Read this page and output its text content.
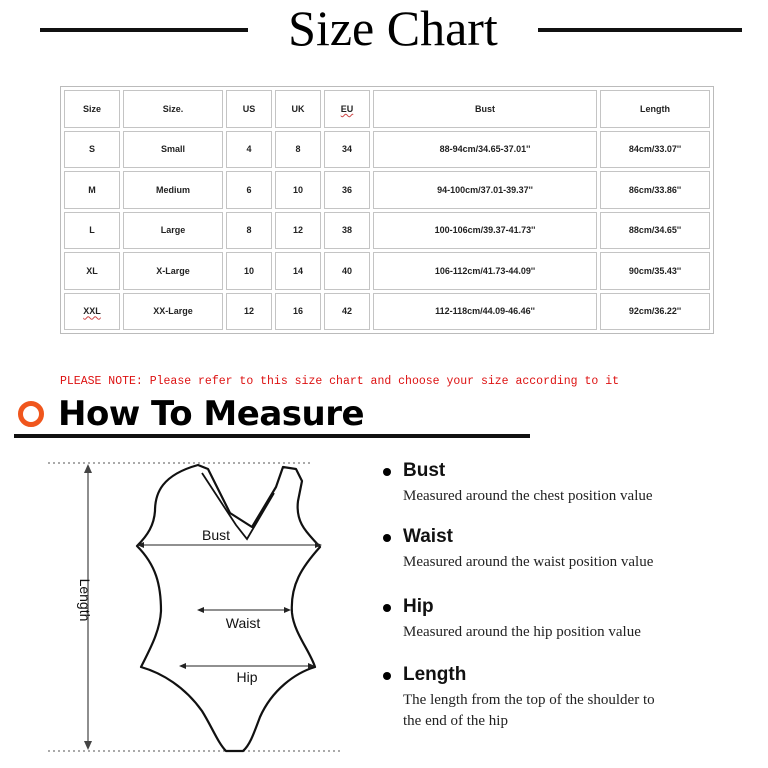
Size Chart
Size	Size.	US	UK	EU	Bust	Length
S	Small	4	8	34	88-94cm/34.65-37.01''	84cm/33.07''
M	Medium	6	10	36	94-100cm/37.01-39.37''	86cm/33.86''
L	Large	8	12	38	100-106cm/39.37-41.73''	88cm/34.65''
XL	X-Large	10	14	40	106-112cm/41.73-44.09''	90cm/35.43''
XXL	XX-Large	12	16	42	112-118cm/44.09-46.46''	92cm/36.22''
PLEASE NOTE: Please refer to this size chart and choose your size according to it
How To Measure
Length
Bust
Waist
Hip
Bust
Measured around the chest position value
Waist
Measured around the waist position value
Hip
Measured around the hip position value
Length
The length from the top of the shoulder to
the end of the hip
